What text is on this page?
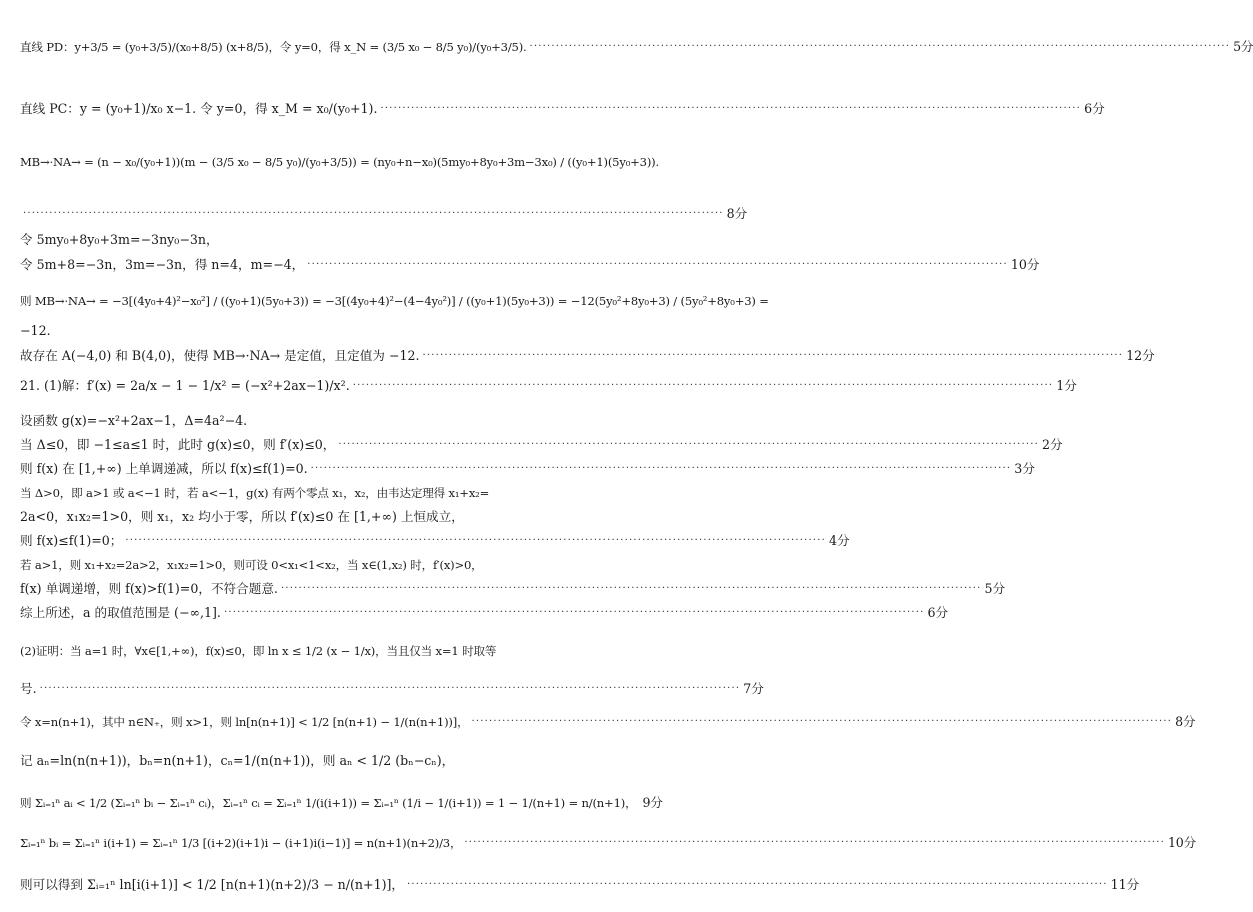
直线 PD：y+3/5 = (y₀+3/5)/(x₀+8/5) (x+8/5)，令 y=0，得 x_N = (3/5 x₀ − 8/5 y₀)/(y₀+3/5). ·····	5分
直线 PC：y = (y₀+1)/x₀ x−1. 令 y=0，得 x_M = x₀/(y₀+1). ·····	6分
MB→·NA→ = (n − x₀/(y₀+1))(m − (3/5 x₀ − 8/5 y₀)/(y₀+3/5)) = (ny₀+n−x₀)(5my₀+8y₀+3m−3x₀) / ((y₀+1)(5y₀+3)).
·····
8分
令 5my₀+8y₀+3m=−3ny₀−3n，
令 5m+8=−3n，3m=−3n，得 n=4，m=−4， ·····	10分
则 MB→·NA→ = −3[(4y₀+4)²−x₀²] / ((y₀+1)(5y₀+3)) = −3[(4y₀+4)²−(4−4y₀²)] / ((y₀+1)(5y₀+3)) = −12(5y₀²+8y₀+3) / (5y₀²+8y₀+3) =
−12.
故存在 A(−4,0) 和 B(4,0)，使得 MB→·NA→ 是定值，且定值为 −12. ·····	12分
21. (1)解：f′(x) = 2a/x − 1 − 1/x² = (−x²+2ax−1)/x². ·····	1分
设函数 g(x)=−x²+2ax−1，Δ=4a²−4.
当 Δ≤0，即 −1≤a≤1 时，此时 g(x)≤0，则 f′(x)≤0， ·····	2分
则 f(x) 在 [1,+∞) 上单调递减，所以 f(x)≤f(1)=0. ·····	3分
当 Δ>0，即 a>1 或 a<−1 时，若 a<−1，g(x) 有两个零点 x₁，x₂，由韦达定理得 x₁+x₂=
2a<0，x₁x₂=1>0，则 x₁，x₂ 均小于零，所以 f′(x)≤0 在 [1,+∞) 上恒成立，
则 f(x)≤f(1)=0； ·····	4分
若 a>1，则 x₁+x₂=2a>2，x₁x₂=1>0，则可设 0<x₁<1<x₂，当 x∈(1,x₂) 时，f′(x)>0，
f(x) 单调递增，则 f(x)>f(1)=0，不符合题意. ·····	5分
综上所述，a 的取值范围是 (−∞,1]. ·····	6分
(2)证明：当 a=1 时，∀x∈[1,+∞)，f(x)≤0，即 ln x ≤ 1/2 (x − 1/x)，当且仅当 x=1 时取等
号. ·····	7分
令 x=n(n+1)，其中 n∈N₊，则 x>1，则 ln[n(n+1)] < 1/2 [n(n+1) − 1/(n(n+1))]， ·····	8分
记 aₙ=ln(n(n+1))，bₙ=n(n+1)，cₙ=1/(n(n+1))，则 aₙ < 1/2 (bₙ−cₙ)，
则 Σᵢ₌₁ⁿ aᵢ < 1/2 (Σᵢ₌₁ⁿ bᵢ − Σᵢ₌₁ⁿ cᵢ)，Σᵢ₌₁ⁿ cᵢ = Σᵢ₌₁ⁿ 1/(i(i+1)) = Σᵢ₌₁ⁿ (1/i − 1/(i+1)) = 1 − 1/(n+1) = n/(n+1)， 9分
Σᵢ₌₁ⁿ bᵢ = Σᵢ₌₁ⁿ i(i+1) = Σᵢ₌₁ⁿ 1/3 [(i+2)(i+1)i − (i+1)i(i−1)] = n(n+1)(n+2)/3， ·····	10分
则可以得到 Σᵢ₌₁ⁿ ln[i(i+1)] < 1/2 [n(n+1)(n+2)/3 − n/(n+1)]， ·····	11分
